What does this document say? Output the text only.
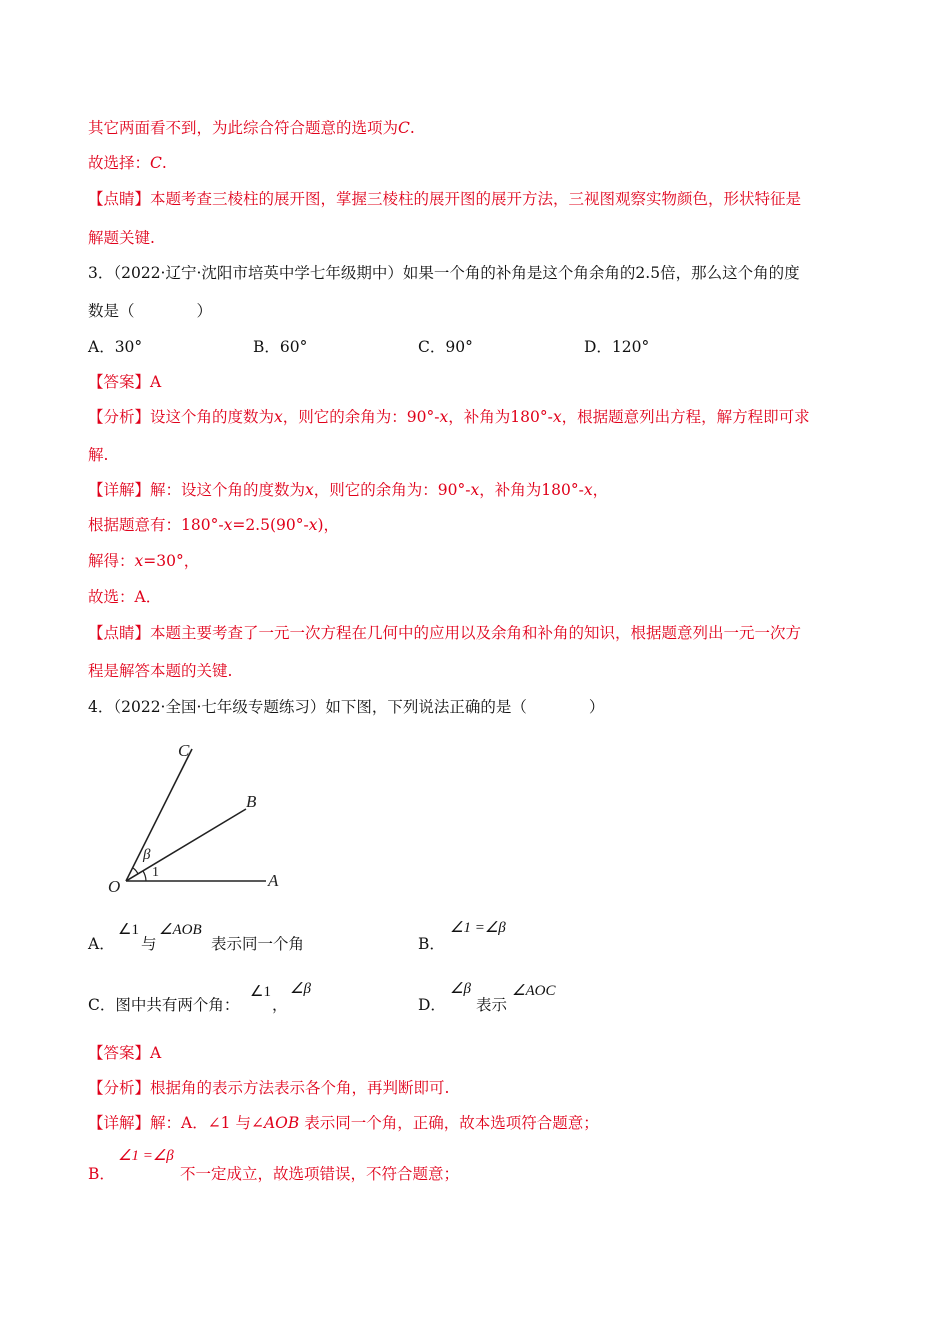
其它两面看不到，为此综合符合题意的选项为C.
故选择：C.
【点睛】本题考查三棱柱的展开图，掌握三棱柱的展开图的展开方法，三视图观察实物颜色，形状特征是
解题关键.
3．（2022·辽宁·沈阳市培英中学七年级期中）如果一个角的补角是这个角余角的2.5倍，那么这个角的度
数是（　　　　）
A．30°	B．60°	C．90°	D．120°
【答案】A
【分析】设这个角的度数为x，则它的余角为：90°-x，补角为180°-x，根据题意列出方程，解方程即可求
解.
【详解】解：设这个角的度数为x，则它的余角为：90°-x，补角为180°-x，
根据题意有：180°-x=2.5(90°-x)，
解得：x=30°，
故选：A．
【点睛】本题主要考查了一元一次方程在几何中的应用以及余角和补角的知识，根据题意列出一元一次方
程是解答本题的关键.
4．（2022·全国·七年级专题练习）如下图，下列说法正确的是（　　　　）
C
B
A
O
β
1
A．
∠1
与
∠AOB
表示同一个角	B．
∠1 =∠β
C．图中共有两个角：
∠1
，
∠β
D．
∠β
表示
∠AOC
【答案】A
【分析】根据角的表示方法表示各个角，再判断即可.
【详解】解：A．∠1 与∠AOB 表示同一个角，正确，故本选项符合题意；
B．
∠1 =∠β
不一定成立，故选项错误，不符合题意；
